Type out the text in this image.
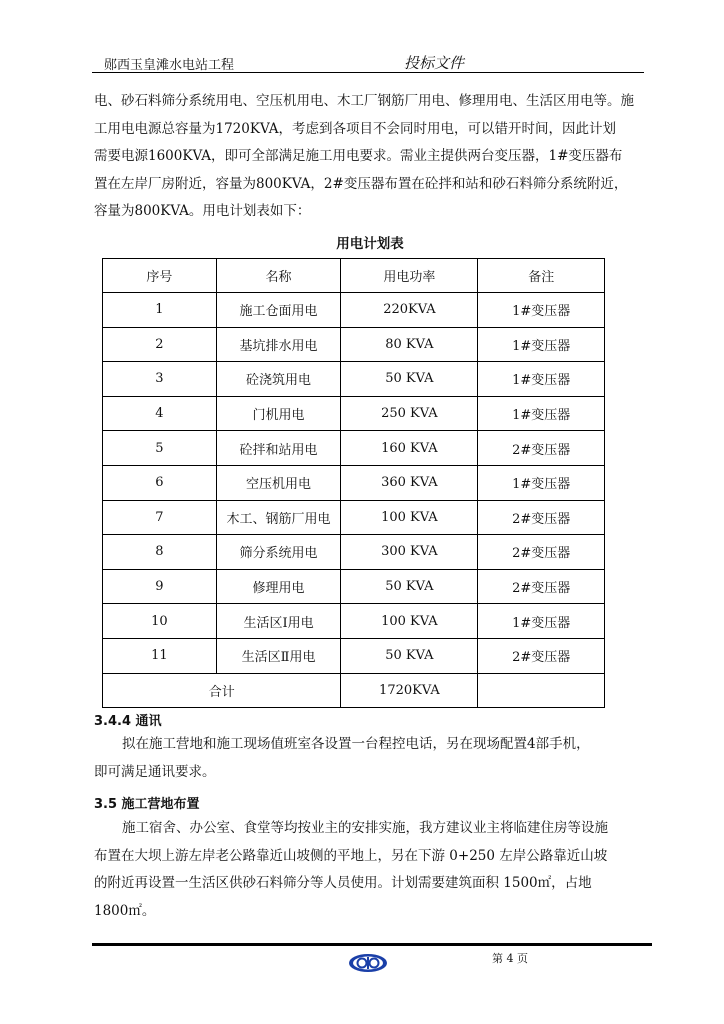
郧西玉皇滩水电站工程	投标文件

电、砂石料筛分系统用电、空压机用电、木工厂钢筋厂用电、修理用电、生活区用电等。施
工用电电源总容量为1720KVA，考虑到各项目不会同时用电，可以错开时间，因此计划
需要电源1600KVA，即可全部满足施工用电要求。需业主提供两台变压器，1#变压器布
置在左岸厂房附近，容量为800KVA，2#变压器布置在砼拌和站和砂石料筛分系统附近，
容量为800KVA。用电计划表如下：

用电计划表
序号	名称	用电功率	备注
1	施工仓面用电	220KVA	1#变压器
2	基坑排水用电	80 KVA	1#变压器
3	砼浇筑用电	50 KVA	1#变压器
4	门机用电	250 KVA	1#变压器
5	砼拌和站用电	160 KVA	2#变压器
6	空压机用电	360 KVA	1#变压器
7	木工、钢筋厂用电	100 KVA	2#变压器
8	筛分系统用电	300 KVA	2#变压器
9	修理用电	50 KVA	2#变压器
10	生活区Ⅰ用电	100 KVA	1#变压器
11	生活区Ⅱ用电	50 KVA	2#变压器
合计		1720KVA	
3.4.4 通讯

拟在施工营地和施工现场值班室各设置一台程控电话，另在现场配置4部手机，
即可满足通讯要求。

3.5 施工营地布置

施工宿舍、办公室、食堂等均按业主的安排实施，我方建议业主将临建住房等设施
布置在大坝上游左岸老公路靠近山坡侧的平地上，另在下游 0+250 左岸公路靠近山坡
的附近再设置一生活区供砂石料筛分等人员使用。计划需要建筑面积 1500㎡，占地
1800㎡。

第 4 页
